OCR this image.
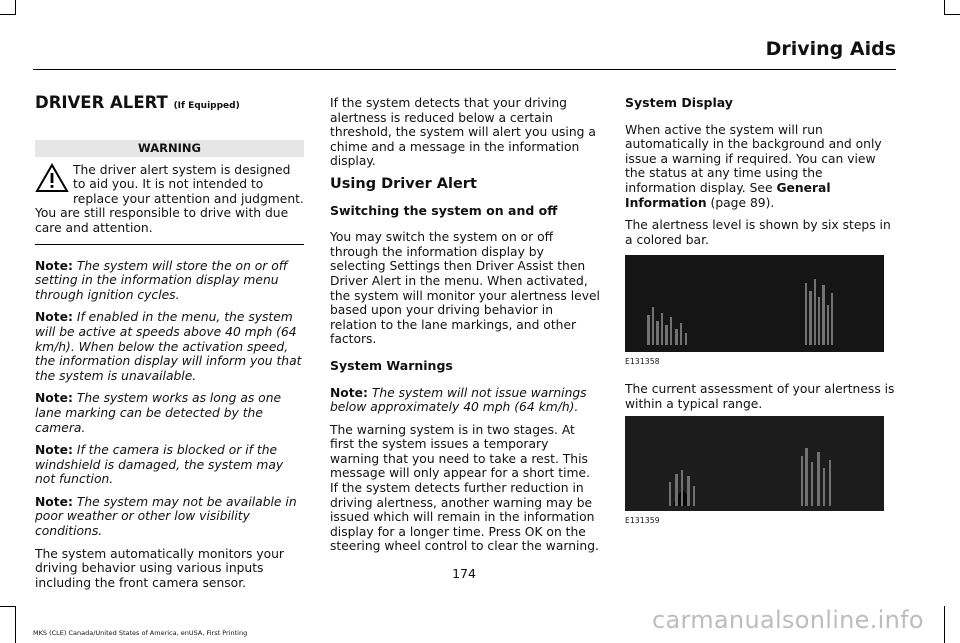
Driving Aids
DRIVER ALERT (If Equipped)
WARNING
The driver alert system is designed to aid you. It is not intended to replace your attention and judgment. You are still responsible to drive with due care and attention.

Note: The system will store the on or off setting in the information display menu through ignition cycles.

Note: If enabled in the menu, the system will be active at speeds above 40 mph (64 km/h). When below the activation speed, the information display will inform you that the system is unavailable.

Note: The system works as long as one lane marking can be detected by the camera.

Note: If the camera is blocked or if the windshield is damaged, the system may not function.

Note: The system may not be available in poor weather or other low visibility conditions.

The system automatically monitors your driving behavior using various inputs including the front camera sensor.

If the system detects that your driving alertness is reduced below a certain threshold, the system will alert you using a chime and a message in the information display.

Using Driver Alert
Switching the system on and off

You may switch the system on or off through the information display by selecting Settings then Driver Assist then Driver Alert in the menu. When activated, the system will monitor your alertness level based upon your driving behavior in relation to the lane markings, and other factors.

System Warnings

Note: The system will not issue warnings below approximately 40 mph (64 km/h).

The warning system is in two stages. At first the system issues a temporary warning that you need to take a rest. This message will only appear for a short time. If the system detects further reduction in driving alertness, another warning may be issued which will remain in the information display for a longer time. Press OK on the steering wheel control to clear the warning.

System Display

When active the system will run automatically in the background and only issue a warning if required. You can view the status at any time using the information display. See General Information (page 89).

The alertness level is shown by six steps in a colored bar.

E131358

The current assessment of your alertness is within a typical range.

E131359
174
MKS (CLE) Canada/United States of America, enUSA, First Printing	carmanualsonline.info
